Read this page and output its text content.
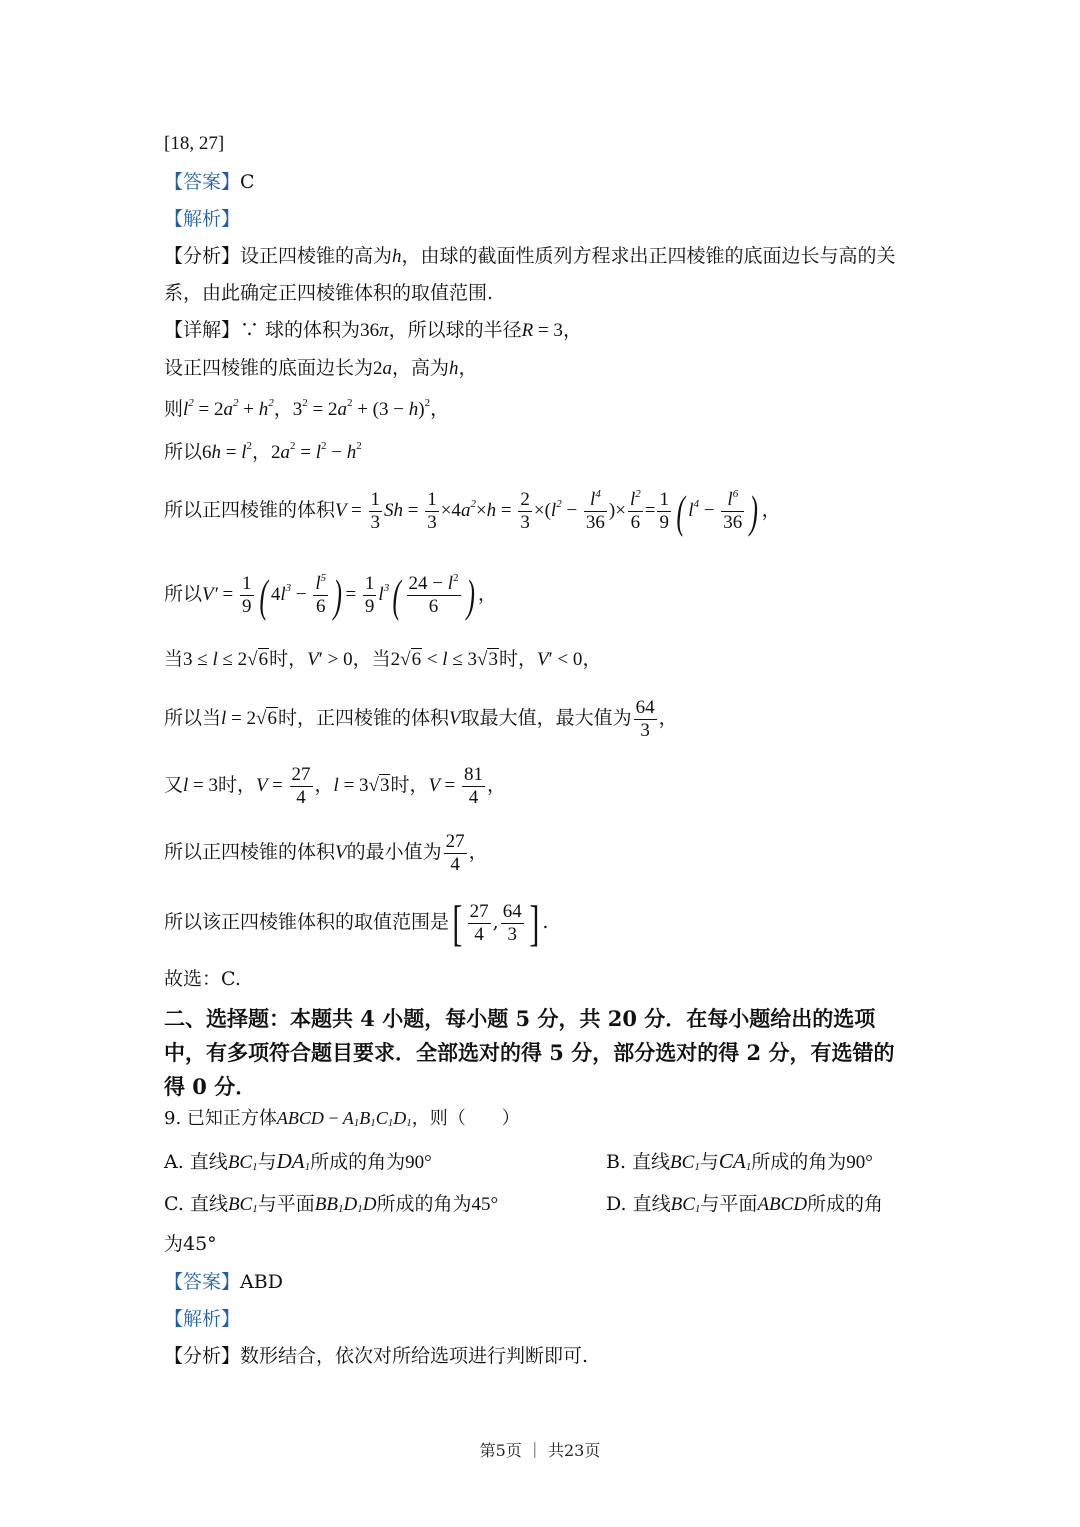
[18, 27]
【答案】C
【解析】
【分析】设正四棱锥的高为h，由球的截面性质列方程求出正四棱锥的底面边长与高的关
系，由此确定正四棱锥体积的取值范围.
【详解】∵ 球的体积为36π，所以球的半径R = 3，
设正四棱锥的底面边长为2a，高为h，
则$l^2 = 2a^2 + h^2$，$3^2 = 2a^2 + (3 - h)^2$，
所以$6h = l^2$，$2a^2 = l^2 - h^2$
所以正四棱锥的体积$V = \frac{1}{3}$ $Sh = \frac{1}{3} \times 4a^2\times h = \frac{2}{3} \times(l^2 - \frac{l^4}{36}$ )× $\frac{l^2}{6} = \frac{1}{9}$ ( $l^4 - \frac{l^6}{36}$ ) ，
所以$V' = \frac{1}{9}$ ( $4l^3 - \frac{l^5}{6}$ ) = $\frac{1}{9} l^3( \frac{24 - l^2}{6}$ ) ，
当3 ≤ l ≤ 2√6时，V′ > 0，当2√6 < l ≤ 3√3时，V′ < 0，
所以当l = 2√6时，正四棱锥的体积V取最大值，最大值为 $\frac{64}{3}$ ，
又l = 3时，$V = \frac{27}{4}$ ，l = 3√3时，$V = \frac{81}{4}$ ，
所以正四棱锥的体积V的最小值为 $\frac{27}{4}$ ，
所以该正四棱锥体积的取值范围是[ $\frac{27}{4}$ , $\frac{64}{3}$ ] .
故选：C.
二、选择题：本题共 4 小题，每小题 5 分，共 20 分．在每小题给出的选项
中，有多项符合题目要求．全部选对的得 5 分，部分选对的得 2 分，有选错的
得 0 分．
9. 已知正方体ABCD − $A_1B_1C_1D_1$，则（　　）
A. 直线$BC_1$与$DA_1$所成的角为90°	B. 直线$BC_1$与$CA_1$所成的角为90°
C. 直线$BC_1$与平面$BB_1D_1D$所成的角为45°	D. 直线$BC_1$与平面ABCD所成的角
为45°
【答案】ABD
【解析】
【分析】数形结合，依次对所给选项进行判断即可.
第5页 ｜ 共23页
